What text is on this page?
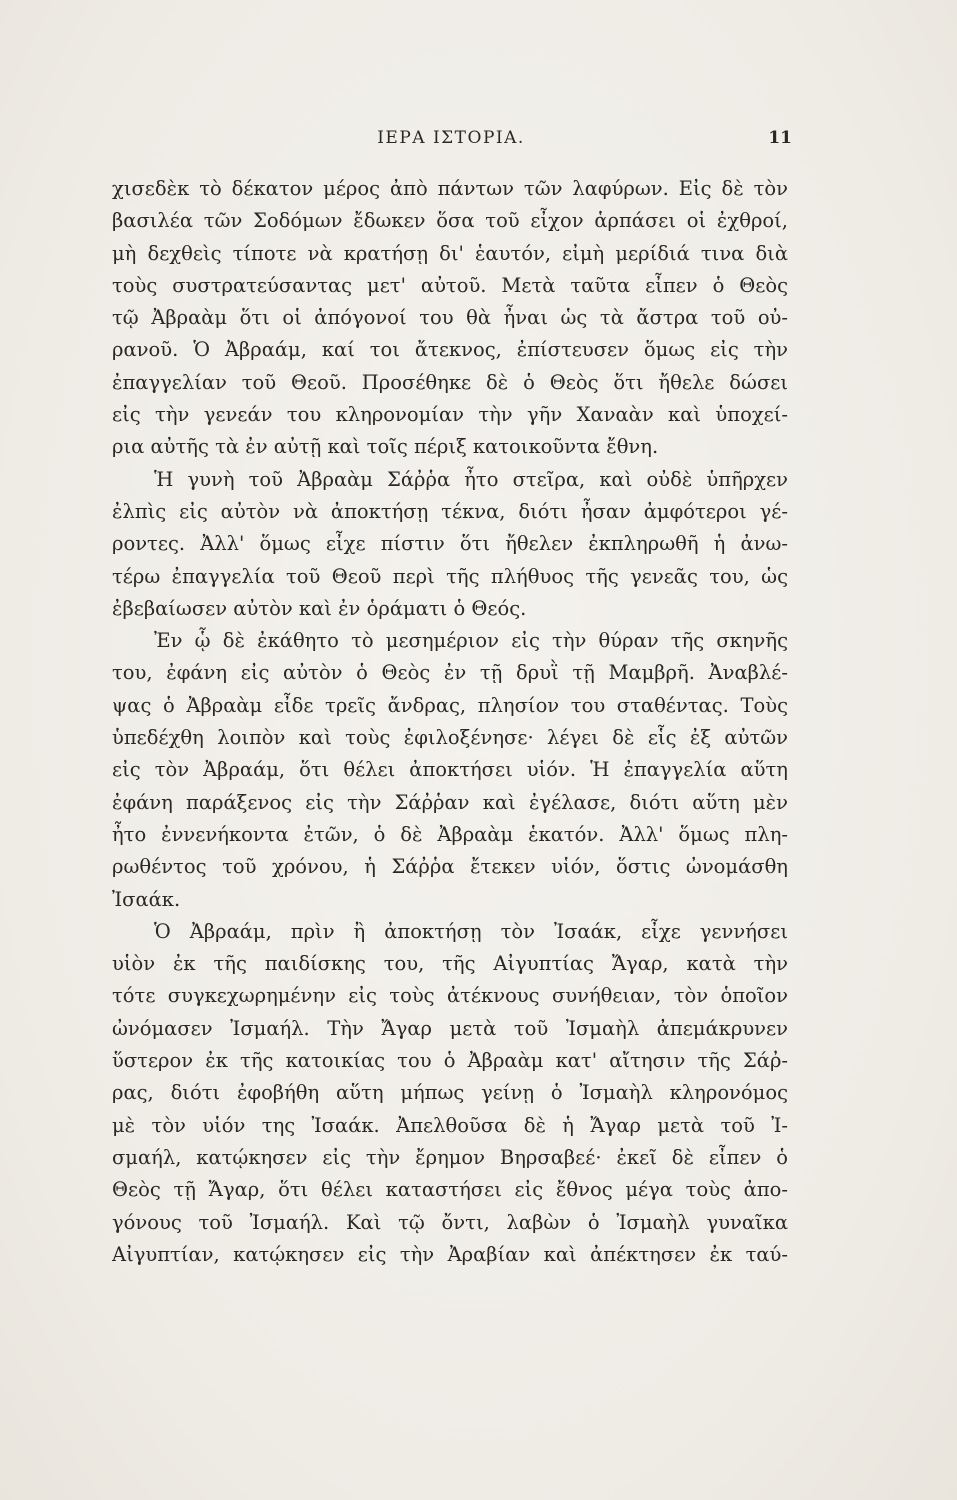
ΙΕΡΑ ΙΣΤΟΡΙΑ.	11
χισεδὲκ τὸ δέκατον μέρος ἀπὸ πάντων τῶν λαφύρων. Εἰς δὲ τὸν
βασιλέα τῶν Σοδόμων ἔδωκεν ὅσα τοῦ εἶχον ἁρπάσει οἱ ἐχθροί,
μὴ δεχθεὶς τίποτε νὰ κρατήσῃ δι' ἑαυτόν, εἰμὴ μερίδιά τινα διὰ
τοὺς συστρατεύσαντας μετ' αὐτοῦ. Μετὰ ταῦτα εἶπεν ὁ Θεὸς
τῷ Ἀβραὰμ ὅτι οἱ ἀπόγονοί του θὰ ἦναι ὡς τὰ ἄστρα τοῦ οὐ-
ρανοῦ. Ὁ Ἀβραάμ, καί τοι ἄτεκνος, ἐπίστευσεν ὅμως εἰς τὴν
ἐπαγγελίαν τοῦ Θεοῦ. Προσέθηκε δὲ ὁ Θεὸς ὅτι ἤθελε δώσει
εἰς τὴν γενεάν του κληρονομίαν τὴν γῆν Χαναὰν καὶ ὑποχεί-
ρια αὐτῆς τὰ ἐν αὐτῇ καὶ τοῖς πέριξ κατοικοῦντα ἔθνη.
Ἡ γυνὴ τοῦ Ἀβραὰμ Σάῤῥα ἦτο στεῖρα, καὶ οὐδὲ ὑπῆρχεν
ἐλπὶς εἰς αὐτὸν νὰ ἀποκτήσῃ τέκνα, διότι ἦσαν ἀμφότεροι γέ-
ροντες. Ἀλλ' ὅμως εἶχε πίστιν ὅτι ἤθελεν ἐκπληρωθῆ ἡ ἀνω-
τέρω ἐπαγγελία τοῦ Θεοῦ περὶ τῆς πλήθυος τῆς γενεᾶς του, ὡς
ἐβεβαίωσεν αὐτὸν καὶ ἐν ὁράματι ὁ Θεός.
Ἐν ᾧ δὲ ἐκάθητο τὸ μεσημέριον εἰς τὴν θύραν τῆς σκηνῆς
του, ἐφάνη εἰς αὐτὸν ὁ Θεὸς ἐν τῇ δρυῒ τῇ Μαμβρῆ. Ἀναβλέ-
ψας ὁ Ἀβραὰμ εἶδε τρεῖς ἄνδρας, πλησίον του σταθέντας. Τοὺς
ὑπεδέχθη λοιπὸν καὶ τοὺς ἐφιλοξένησε· λέγει δὲ εἷς ἐξ αὐτῶν
εἰς τὸν Ἀβραάμ, ὅτι θέλει ἀποκτήσει υἱόν. Ἡ ἐπαγγελία αὕτη
ἐφάνη παράξενος εἰς τὴν Σάῤῥαν καὶ ἐγέλασε, διότι αὕτη μὲν
ἦτο ἐννενήκοντα ἐτῶν, ὁ δὲ Ἀβραὰμ ἑκατόν. Ἀλλ' ὅμως πλη-
ρωθέντος τοῦ χρόνου, ἡ Σάῤῥα ἔτεκεν υἱόν, ὅστις ὠνομάσθη
Ἰσαάκ.
Ὁ Ἀβραάμ, πρὶν ἢ ἀποκτήσῃ τὸν Ἰσαάκ, εἶχε γεννήσει
υἱὸν ἐκ τῆς παιδίσκης του, τῆς Αἰγυπτίας Ἄγαρ, κατὰ τὴν
τότε συγκεχωρημένην εἰς τοὺς ἀτέκνους συνήθειαν, τὸν ὁποῖον
ὠνόμασεν Ἰσμαήλ. Τὴν Ἄγαρ μετὰ τοῦ Ἰσμαὴλ ἀπεμάκρυνεν
ὕστερον ἐκ τῆς κατοικίας του ὁ Ἀβραὰμ κατ' αἴτησιν τῆς Σάῤ-
ρας, διότι ἐφοβήθη αὕτη μήπως γείνῃ ὁ Ἰσμαὴλ κληρονόμος
μὲ τὸν υἱόν της Ἰσαάκ. Ἀπελθοῦσα δὲ ἡ Ἄγαρ μετὰ τοῦ Ἰ-
σμαήλ, κατῴκησεν εἰς τὴν ἔρημον Βηρσαβεέ· ἐκεῖ δὲ εἶπεν ὁ
Θεὸς τῇ Ἄγαρ, ὅτι θέλει καταστήσει εἰς ἔθνος μέγα τοὺς ἀπο-
γόνους τοῦ Ἰσμαήλ. Καὶ τῷ ὄντι, λαβὼν ὁ Ἰσμαὴλ γυναῖκα
Αἰγυπτίαν, κατῴκησεν εἰς τὴν Ἀραβίαν καὶ ἀπέκτησεν ἐκ ταύ-
